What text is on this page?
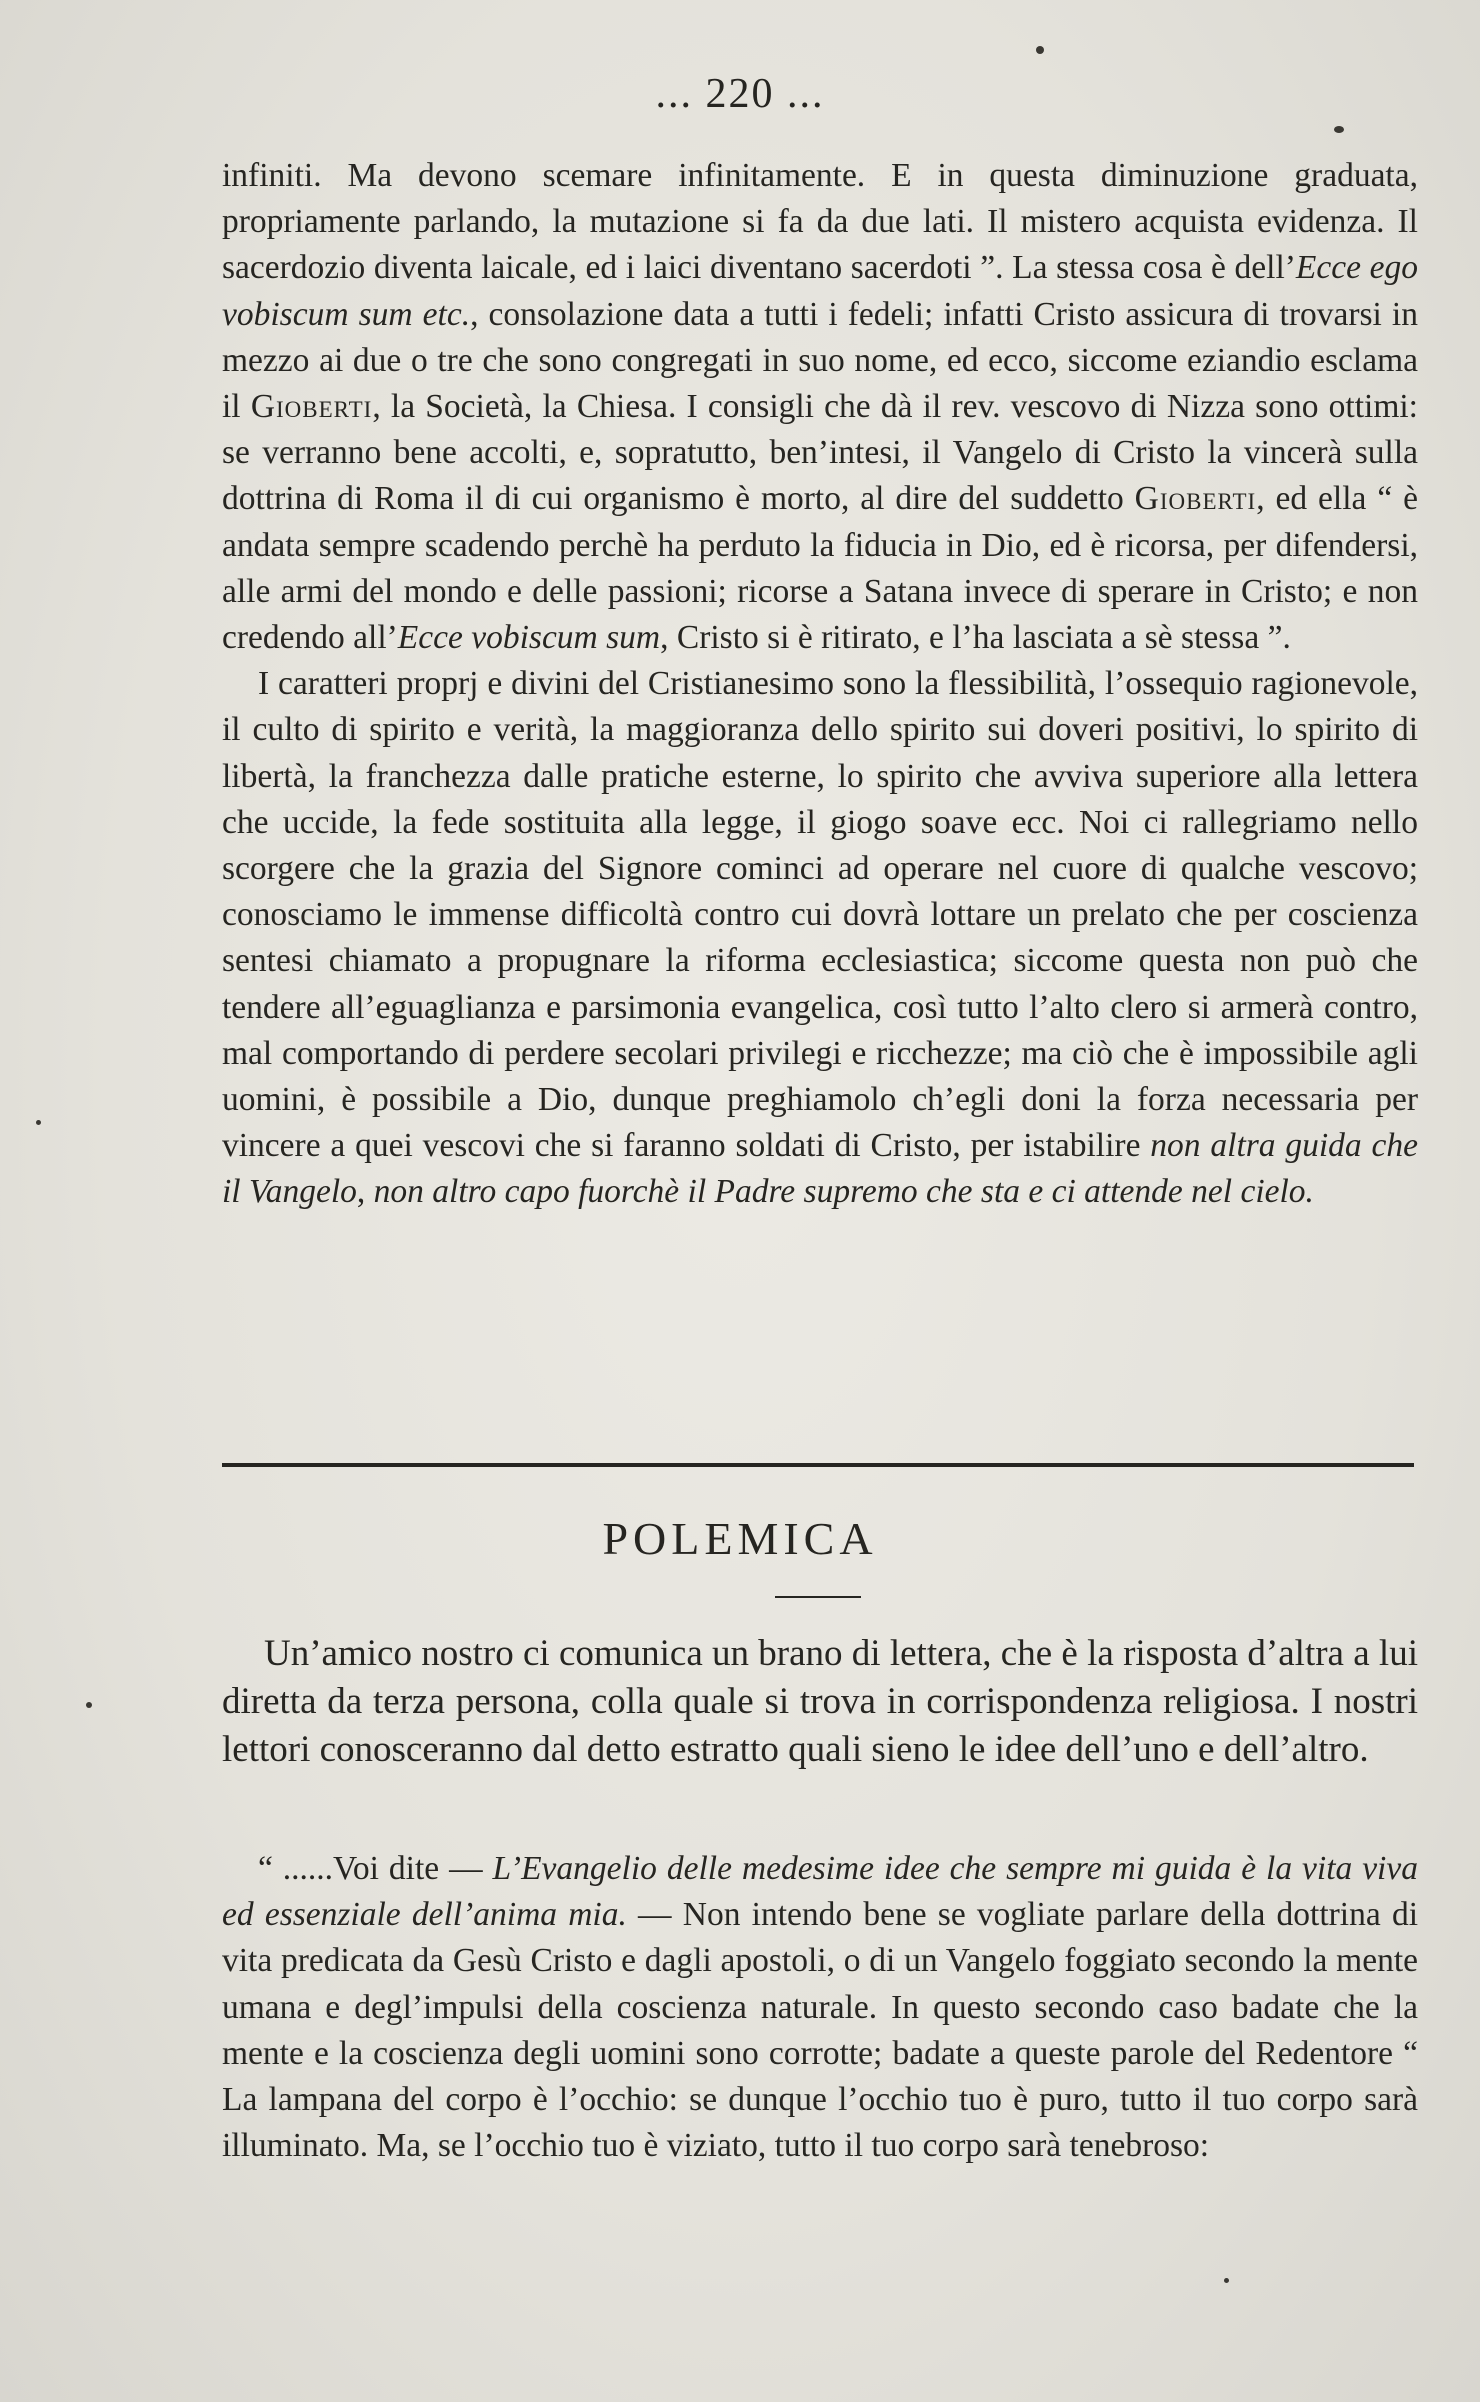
... 220 ...

infiniti. Ma devono scemare infinitamente. E in questa diminuzione graduata, propriamente parlando, la mutazione si fa da due lati. Il mistero acquista evidenza. Il sacerdozio diventa laicale, ed i laici diventano sacerdoti ”. La stessa cosa è dell’Ecce ego vobiscum sum etc., consolazione data a tutti i fedeli; infatti Cristo assicura di trovarsi in mezzo ai due o tre che sono congregati in suo nome, ed ecco, siccome eziandio esclama il Gioberti, la Società, la Chiesa. I consigli che dà il rev. vescovo di Nizza sono ottimi: se verranno bene accolti, e, sopratutto, ben’intesi, il Vangelo di Cristo la vincerà sulla dottrina di Roma il di cui organismo è morto, al dire del suddetto Gioberti, ed ella “ è andata sempre scadendo perchè ha perduto la fiducia in Dio, ed è ricorsa, per difendersi, alle armi del mondo e delle passioni; ricorse a Satana invece di sperare in Cristo; e non credendo all’Ecce vobiscum sum, Cristo si è ritirato, e l’ha lasciata a sè stessa ”.

I caratteri proprj e divini del Cristianesimo sono la flessibilità, l’ossequio ragionevole, il culto di spirito e verità, la maggioranza dello spirito sui doveri positivi, lo spirito di libertà, la franchezza dalle pratiche esterne, lo spirito che avviva superiore alla lettera che uccide, la fede sostituita alla legge, il giogo soave ecc. Noi ci rallegriamo nello scorgere che la grazia del Signore cominci ad operare nel cuore di qualche vescovo; conosciamo le immense difficoltà contro cui dovrà lottare un prelato che per coscienza sentesi chiamato a propugnare la riforma ecclesiastica; siccome questa non può che tendere all’eguaglianza e parsimonia evangelica, così tutto l’alto clero si armerà contro, mal comportando di perdere secolari privilegi e ricchezze; ma ciò che è impossibile agli uomini, è possibile a Dio, dunque preghiamolo ch’egli doni la forza necessaria per vincere a quei vescovi che si faranno soldati di Cristo, per istabilire non altra guida che il Vangelo, non altro capo fuorchè il Padre supremo che sta e ci attende nel cielo.

POLEMICA

Un’amico nostro ci comunica un brano di lettera, che è la risposta d’altra a lui diretta da terza persona, colla quale si trova in corrispondenza religiosa. I nostri lettori conosceranno dal detto estratto quali sieno le idee dell’uno e dell’altro.

“ ......Voi dite — L’Evangelio delle medesime idee che sempre mi guida è la vita viva ed essenziale dell’anima mia. — Non intendo bene se vogliate parlare della dottrina di vita predicata da Gesù Cristo e dagli apostoli, o di un Vangelo foggiato secondo la mente umana e degl’impulsi della coscienza naturale. In questo secondo caso badate che la mente e la coscienza degli uomini sono corrotte; badate a queste parole del Redentore “ La lampana del corpo è l’occhio: se dunque l’occhio tuo è puro, tutto il tuo corpo sarà illuminato. Ma, se l’occhio tuo è viziato, tutto il tuo corpo sarà tenebroso:
